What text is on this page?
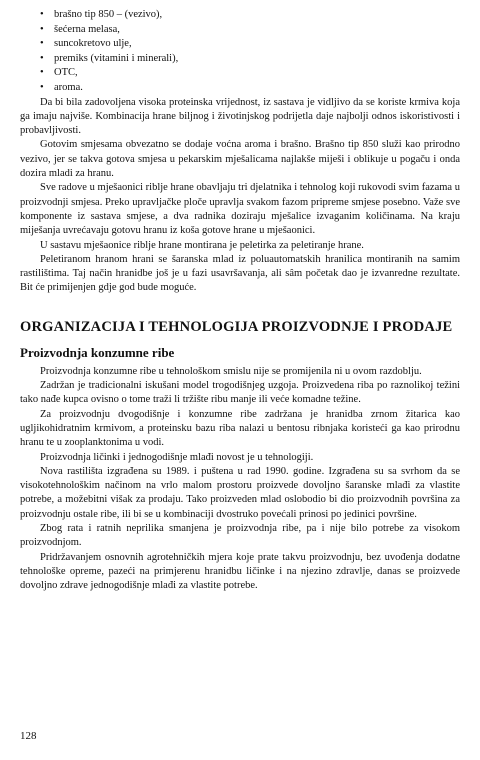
• brašno tip 850 – (vezivo),
• šećerna melasa,
• suncokretovo ulje,
• premiks (vitamini i minerali),
• OTC,
• aroma.

Da bi bila zadovoljena visoka proteinska vrijednost, iz sastava je vidljivo da se koriste krmiva koja ga imaju najviše. Kombinacija hrane biljnog i životinjskog podrijetla daje najbolji odnos iskoristivosti i probavljivosti.

Gotovim smjesama obvezatno se dodaje voćna aroma i brašno. Brašno tip 850 služi kao prirodno vezivo, jer se takva gotova smjesa u pekarskim mješalicama najlakše miješi i oblikuje u pogaču i onda dozira mladi za hranu.

Sve radove u mješaonici riblje hrane obavljaju tri djelatnika i tehnolog koji rukovodi svim fazama u proizvodnji smjesa. Preko upravljačke ploče upravlja svakom fazom pripreme smjese posebno. Važe sve komponente iz sastava smjese, a dva radnika doziraju mješalice izvaganim količinama. Na kraju miješanja uvrećavaju gotovu hranu iz koša gotove hrane u mješaonici.

U sastavu mješaonice riblje hrane montirana je peletirka za peletiranje hrane.

Peletiranom hranom hrani se šaranska mlad iz poluautomatskih hranilica montiranih na samim rastilištima. Taj način hranidbe još je u fazi usavršavanja, ali sâm početak dao je izvanredne rezultate. Bit će primijenjen gdje god bude moguće.

ORGANIZACIJA I TEHNOLOGIJA PROIZVODNJE I PRODAJE
Proizvodnja konzumne ribe

Proizvodnja konzumne ribe u tehnološkom smislu nije se promijenila ni u ovom razdoblju.

Zadržan je tradicionalni iskušani model trogodišnjeg uzgoja. Proizvedena riba po raznolikoj težini tako nađe kupca ovisno o tome traži li tržište ribu manje ili veće komadne težine.

Za proizvodnju dvogodišnje i konzumne ribe zadržana je hranidba zrnom žitarica kao ugljikohidratnim krmivom, a proteinsku bazu riba nalazi u bentosu ribnjaka koristeći ga kao prirodnu hranu te u zooplanktonima u vodi.

Proizvodnja ličinki i jednogodišnje mlađi novost je u tehnologiji.

Nova rastilišta izgrađena su 1989. i puštena u rad 1990. godine. Izgrađena su sa svrhom da se visokotehnološkim načinom na vrlo malom prostoru proizvede dovoljno šaranske mlađi za vlastite potrebe, a možebitni višak za prodaju. Tako proizveden mlad oslobodio bi dio proizvodnih površina za proizvodnju ostale ribe, ili bi se u kombinaciji dvostruko povećali prinosi po jedinici površine.

Zbog rata i ratnih neprilika smanjena je proizvodnja ribe, pa i nije bilo potrebe za visokom proizvodnjom.

Pridržavanjem osnovnih agrotehničkih mjera koje prate takvu proizvodnju, bez uvođenja dodatne tehnološke opreme, pazeći na primjerenu hranidbu ličinke i na njezino zdravlje, danas se proizvede dovoljno zdrave jednogodišnje mlađi za vlastite potrebe.

128
